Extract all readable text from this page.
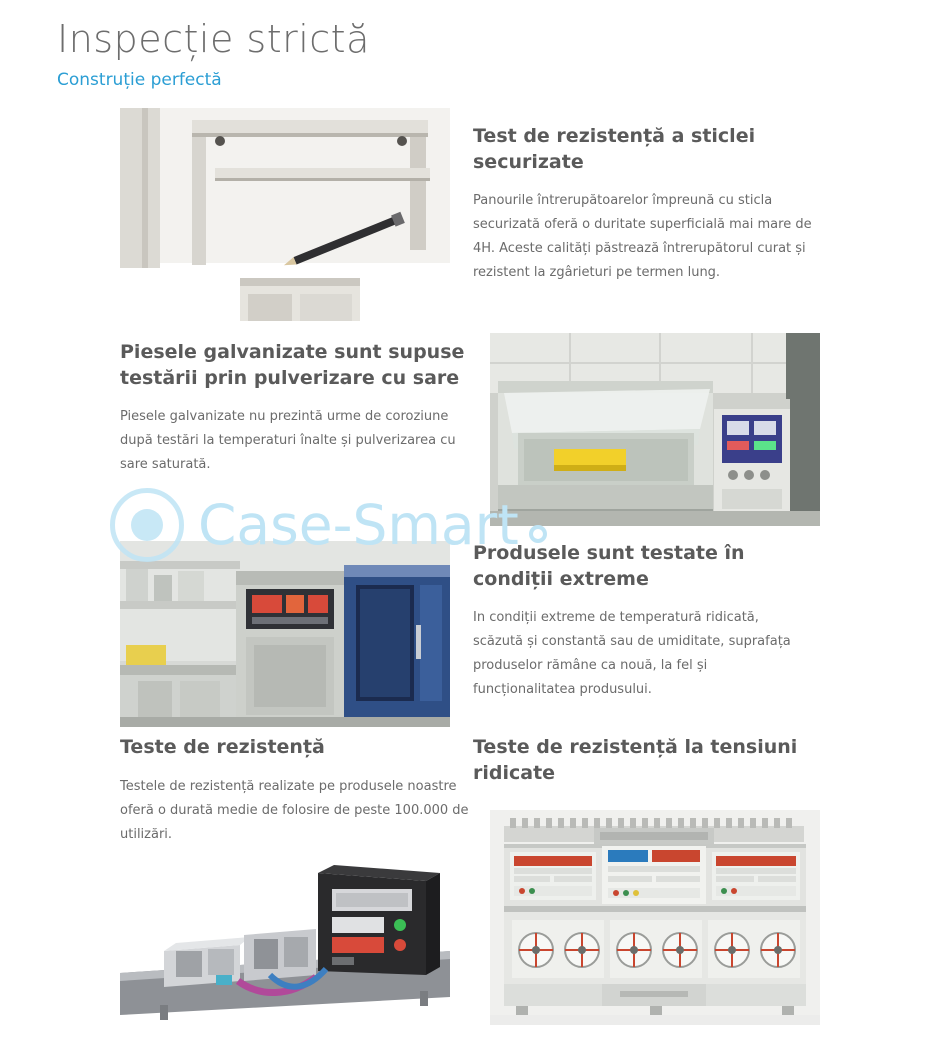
Inspecție strictă
Construție perfectă
Test de rezistență a sticlei securizate

Panourile întrerupătoarelor împreună cu sticla securizată oferă o duritate superficială mai mare de 4H. Aceste calități păstrează întrerupătorul curat și rezistent la zgârieturi pe termen lung.

Piesele galvanizate sunt supuse testării prin pulverizare cu sare

Piesele galvanizate nu prezintă urme de coroziune după testări la temperaturi înalte și pulverizarea cu sare saturată.

Produsele sunt testate în condiții extreme

In condiții extreme de temperatură ridicată, scăzută și constantă sau de umiditate, suprafața produselor rămâne ca nouă, la fel și funcționalitatea produsului.

Teste de rezistență

Testele de rezistență realizate pe produsele noastre oferă o durată medie de folosire de peste 100.000 de utilizări.

Teste de rezistență la tensiuni ridicate

Case-Smart
